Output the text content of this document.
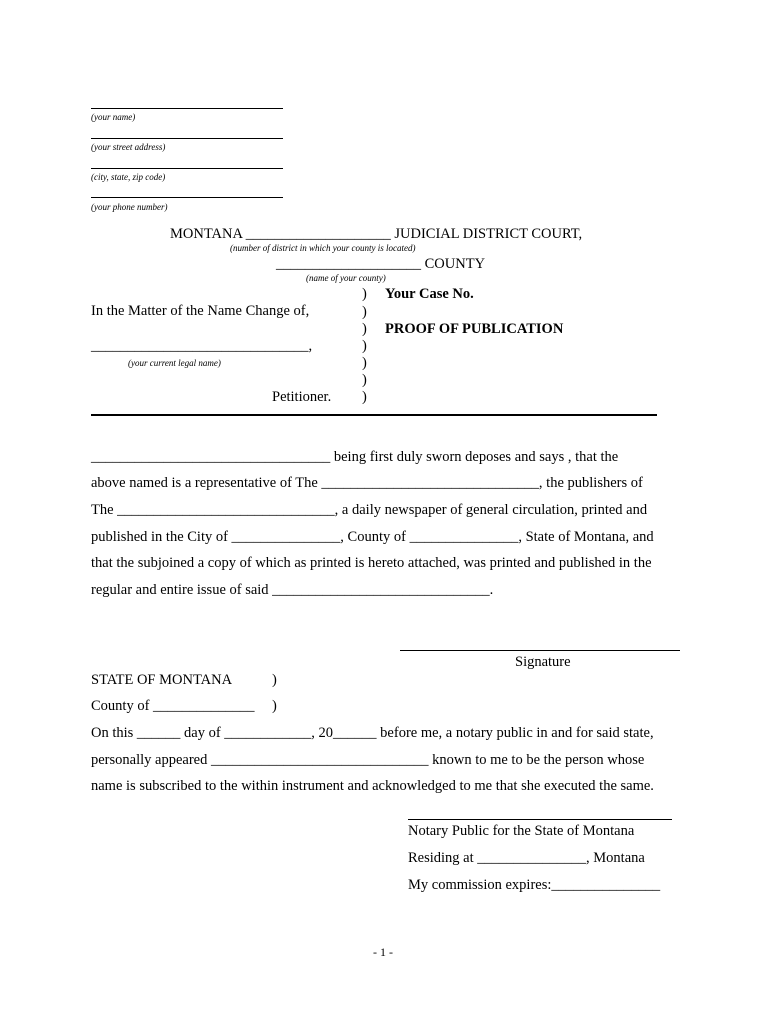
(your name)
(your street address)
(city, state, zip code)
(your phone number)
MONTANA ____________________ JUDICIAL DISTRICT COURT,
(number of district in which your county is located)
____________________ COUNTY
(name of your county)
)
)
)
)
)
)
)
In the Matter of the Name Change of,
______________________________,
(your current legal name)
Petitioner.
Your Case No.
PROOF OF PUBLICATION
_________________________________ being first duly sworn deposes and says , that the
above named is a representative of The ______________________________, the publishers of
The ______________________________, a daily newspaper of general circulation, printed and
published in the City of _______________, County of _______________, State of Montana, and
that the subjoined a copy of which as printed is hereto attached, was printed and published in the
regular and entire issue of said ______________________________.
Signature
STATE OF MONTANA	)
County of ______________ )
On this ______ day of ____________, 20______ before me, a notary public in and for said state,
personally appeared ______________________________ known to me to be the person whose
name is subscribed to the within instrument and acknowledged to me that she executed the same.
Notary Public for the State of Montana
Residing at _______________, Montana
My commission expires:_______________
- 1 -
